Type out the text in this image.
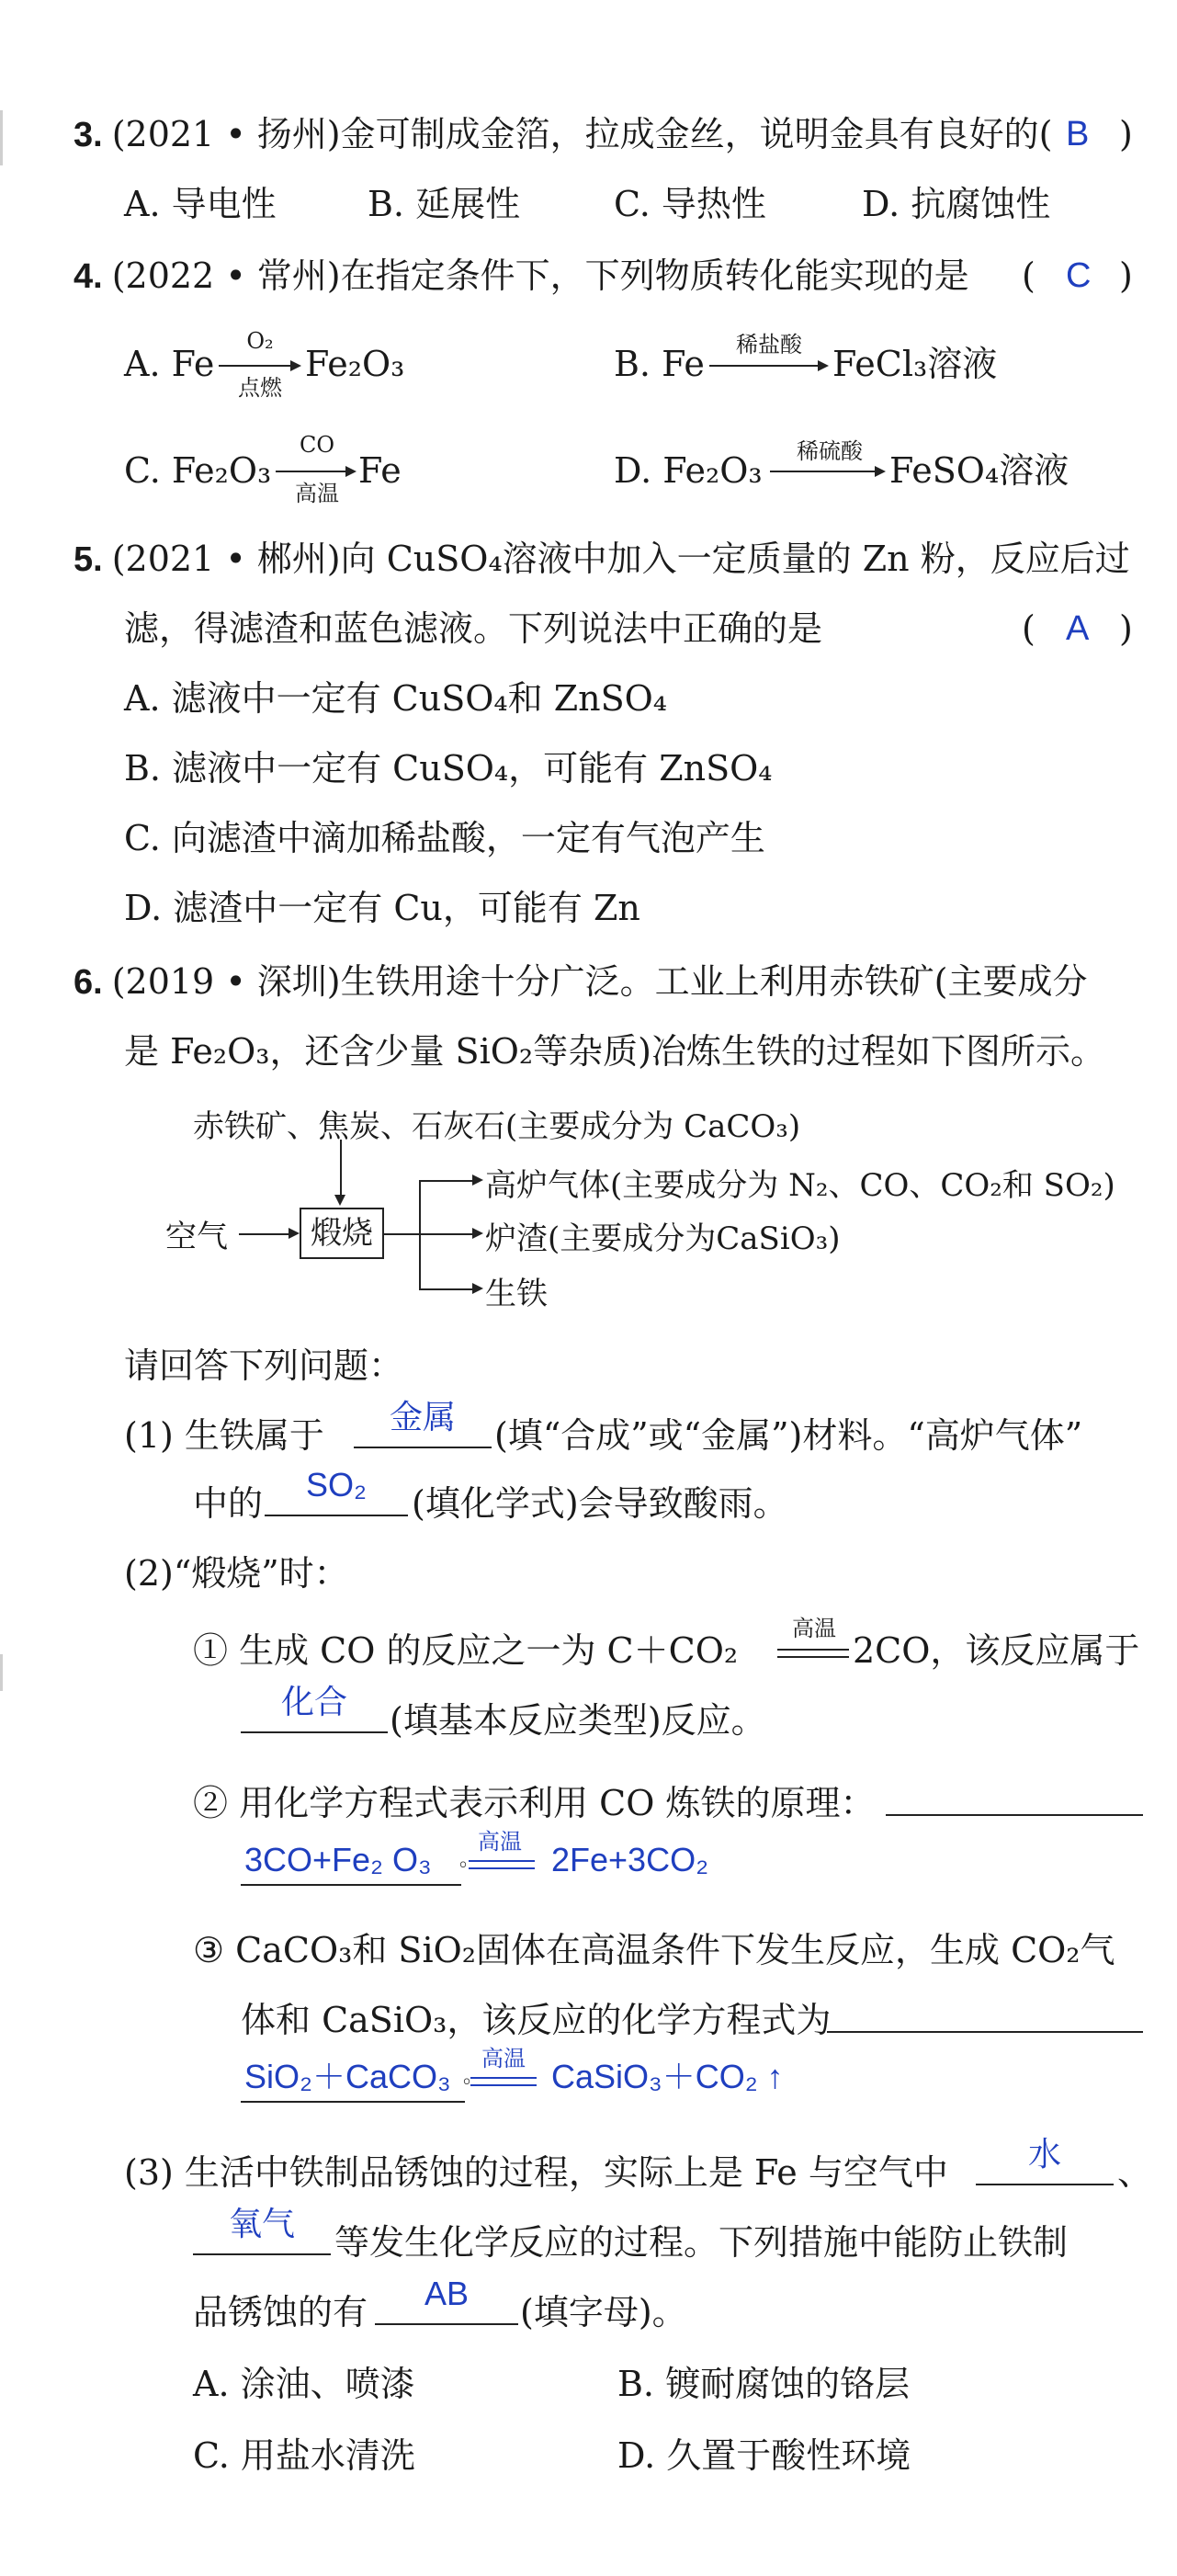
3. (2021 • 扬州)金可制成金箔，拉成金丝，说明金具有良好的( B )
A. 导电性	B. 延展性	C. 导热性	D. 抗腐蚀性
4. (2022 • 常州)在指定条件下，下列物质转化能实现的是 ( C )
A. Fe
O₂
点燃
Fe₂O₃	B. Fe	稀盐酸 FeCl₃溶液
C. Fe₂O₃
CO
高温
Fe	D. Fe₂O₃	稀硫酸 FeSO₄溶液
5. (2021 • 郴州)向 CuSO₄溶液中加入一定质量的 Zn 粉，反应后过
滤，得滤渣和蓝色滤液。下列说法中正确的是	( A )
A. 滤液中一定有 CuSO₄和 ZnSO₄
B. 滤液中一定有 CuSO₄，可能有 ZnSO₄
C. 向滤渣中滴加稀盐酸，一定有气泡产生
D. 滤渣中一定有 Cu，可能有 Zn
6. (2019 • 深圳)生铁用途十分广泛。工业上利用赤铁矿(主要成分
是 Fe₂O₃，还含少量 SiO₂等杂质)冶炼生铁的过程如下图所示。
赤铁矿、焦炭、石灰石(主要成分为 CaCO₃)
空气	煅烧
高炉气体(主要成分为 N₂、CO、CO₂和 SO₂)
炉渣(主要成分为CaSiO₃)
生铁
请回答下列问题：
(1) 生铁属于	金属	(填“合成”或“金属”)材料。“高炉气体”
中的	SO₂	(填化学式)会导致酸雨。
(2)“煅烧”时：
① 生成 CO 的反应之一为 C＋CO₂
高温
2CO，该反应属于
化合	(填基本反应类型)反应。
② 用化学方程式表示利用 CO 炼铁的原理：
3CO+Fe₂ O₃	高温 2Fe+3CO₂
。
③ CaCO₃和 SiO₂固体在高温条件下发生反应，生成 CO₂气
体和 CaSiO₃，该反应的化学方程式为
SiO₂＋CaCO₃	高温 CaSiO₃＋CO₂ ↑
。
(3) 生活中铁制品锈蚀的过程，实际上是 Fe 与空气中	水	、
氧气	等发生化学反应的过程。下列措施中能防止铁制
品锈蚀的有	AB	(填字母)。
A. 涂油、喷漆	B. 镀耐腐蚀的铬层
C. 用盐水清洗	D. 久置于酸性环境
